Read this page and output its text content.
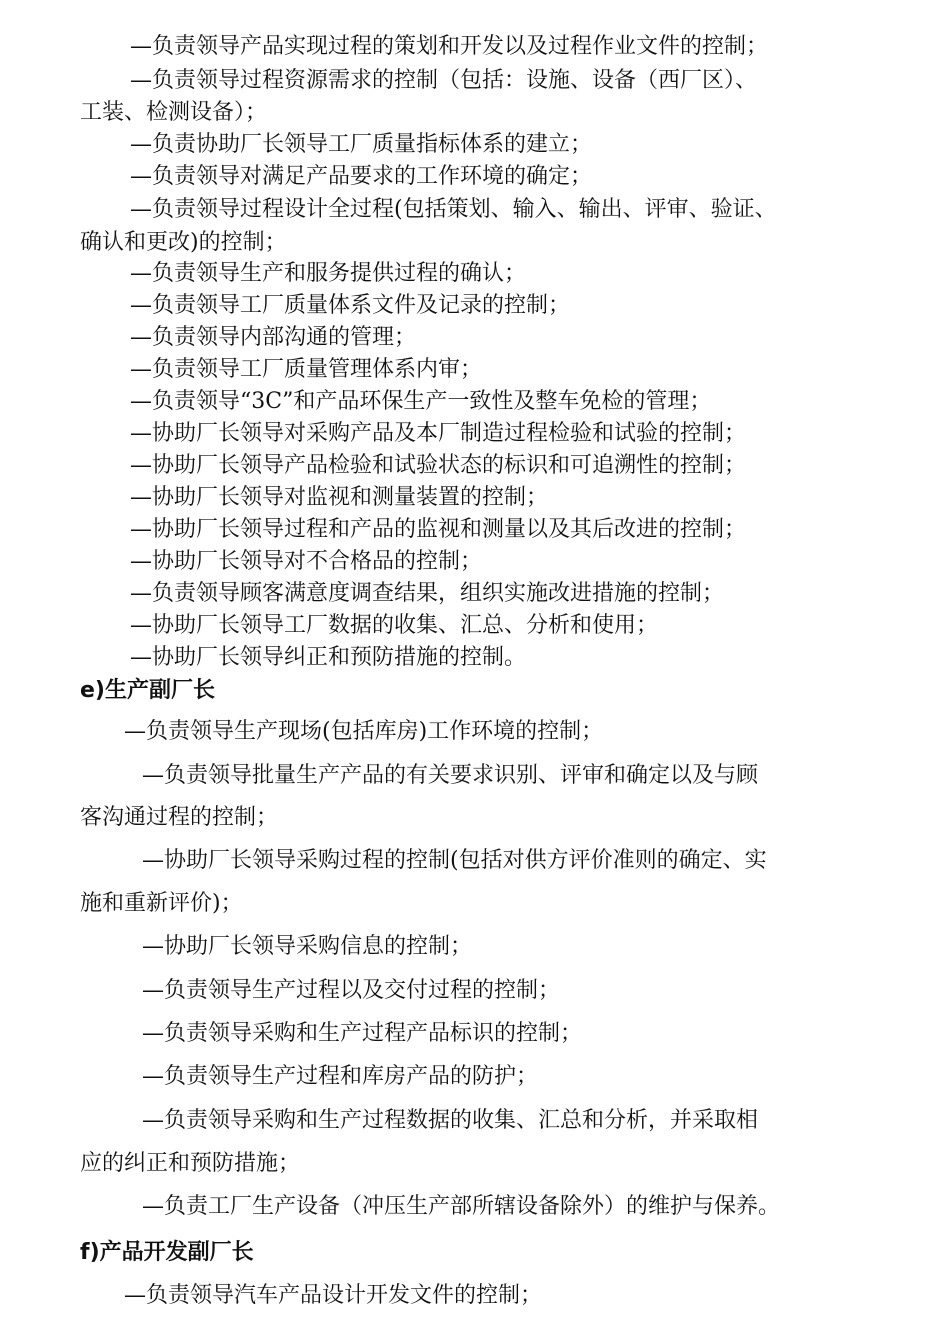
—负责领导产品实现过程的策划和开发以及过程作业文件的控制；
—负责领导过程资源需求的控制（包括：设施、设备（西厂区）、
工装、检测设备）；
—负责协助厂长领导工厂质量指标体系的建立；
—负责领导对满足产品要求的工作环境的确定；
—负责领导过程设计全过程(包括策划、输入、输出、评审、验证、
确认和更改)的控制；
—负责领导生产和服务提供过程的确认；
—负责领导工厂质量体系文件及记录的控制；
—负责领导内部沟通的管理；
—负责领导工厂质量管理体系内审；
—负责领导“3C”和产品环保生产一致性及整车免检的管理；
—协助厂长领导对采购产品及本厂制造过程检验和试验的控制；
—协助厂长领导产品检验和试验状态的标识和可追溯性的控制；
—协助厂长领导对监视和测量装置的控制；
—协助厂长领导过程和产品的监视和测量以及其后改进的控制；
—协助厂长领导对不合格品的控制；
—负责领导顾客满意度调查结果，组织实施改进措施的控制；
—协助厂长领导工厂数据的收集、汇总、分析和使用；
—协助厂长领导纠正和预防措施的控制。
e)生产副厂长
—负责领导生产现场(包括库房)工作环境的控制；
—负责领导批量生产产品的有关要求识别、评审和确定以及与顾
客沟通过程的控制；
—协助厂长领导采购过程的控制(包括对供方评价准则的确定、实
施和重新评价)；
—协助厂长领导采购信息的控制；
—负责领导生产过程以及交付过程的控制；
—负责领导采购和生产过程产品标识的控制；
—负责领导生产过程和库房产品的防护；
—负责领导采购和生产过程数据的收集、汇总和分析，并采取相
应的纠正和预防措施；
—负责工厂生产设备（冲压生产部所辖设备除外）的维护与保养。
f)产品开发副厂长
—负责领导汽车产品设计开发文件的控制；
